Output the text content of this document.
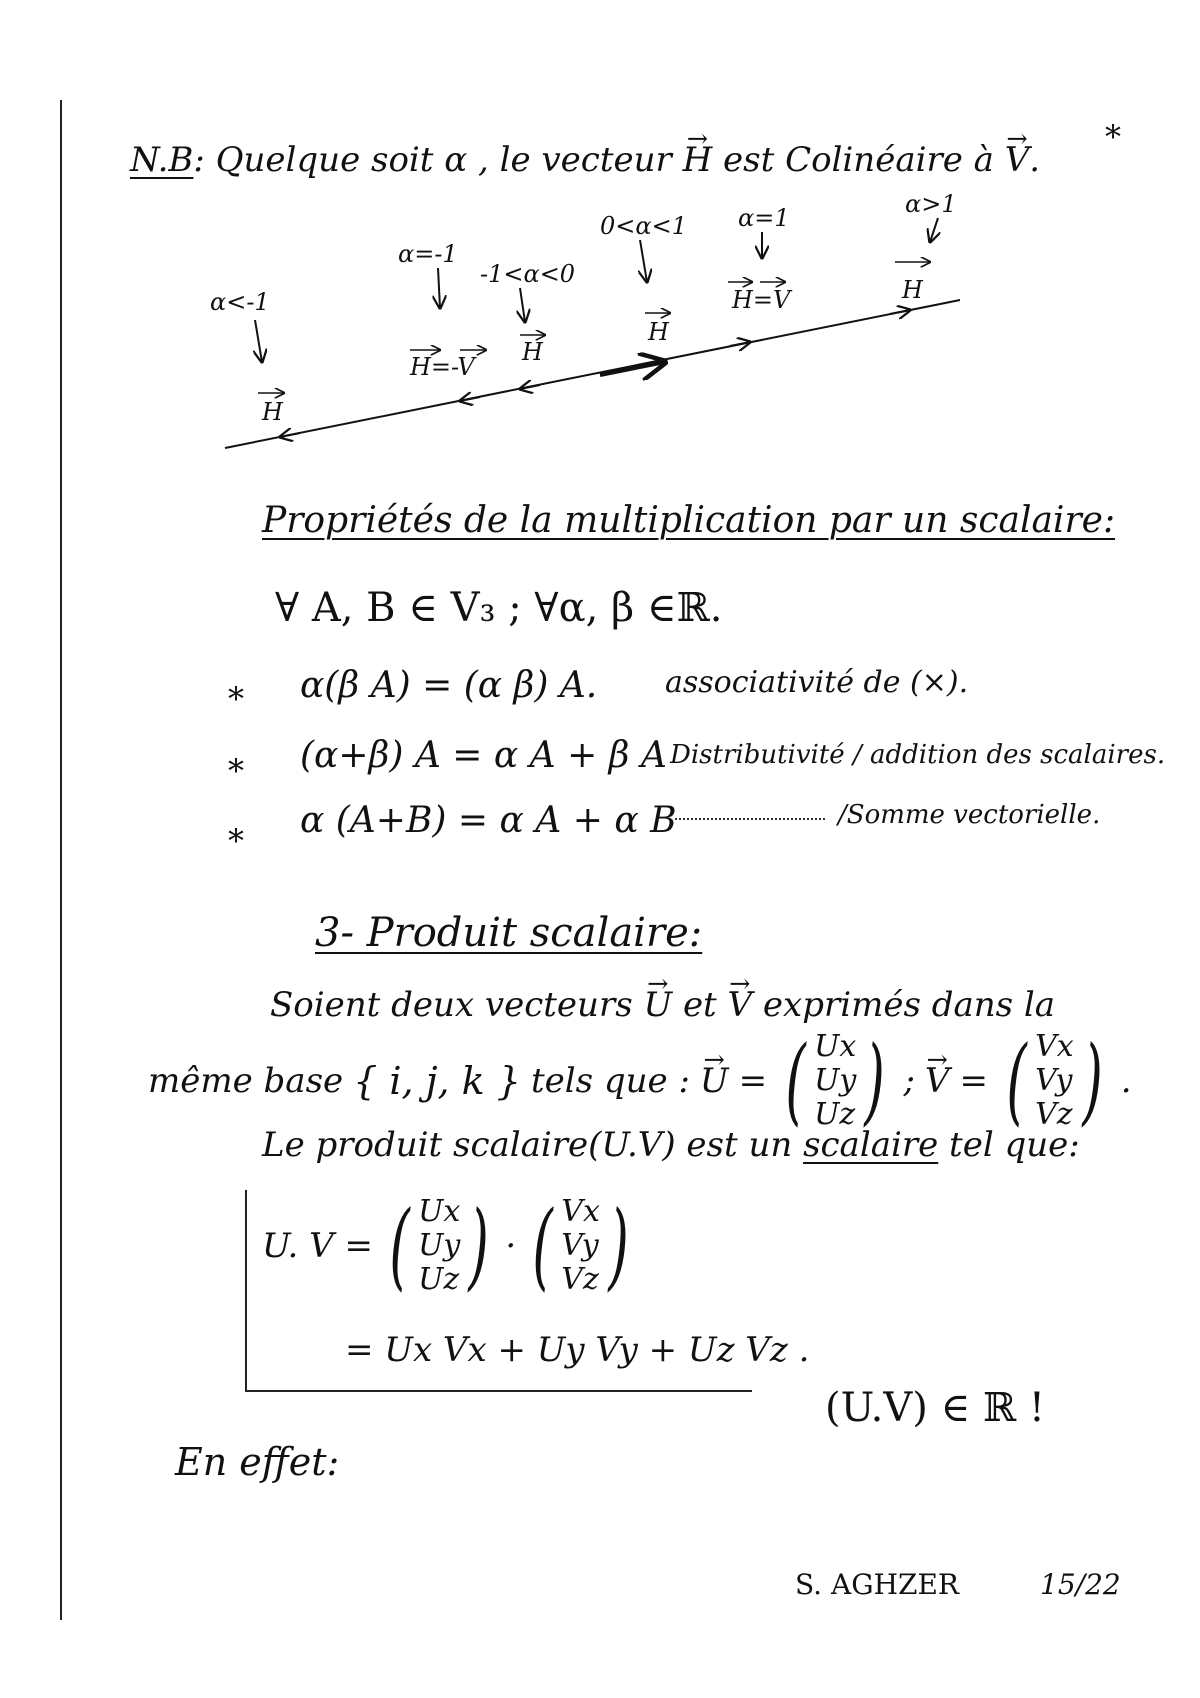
N.B: Quelque soit α , le vecteur → H est Colinéaire à → V.
*
α<-1
α=-1
-1<α<0
0<α<1 α=1	α>1
H
H=-V
H
H
H=V	H
Propriétés de la multiplication par un scalaire:
∀ A, B ∈ V₃ ; ∀α, β ∈ℝ.
* α(β A) = (α β) A. associativité de (×).
* (α+β) A = α A + β A Distributivité / addition des scalaires.
* α (A+B) = α A + α B	/Somme vectorielle.
3- Produit scalaire:
Soient deux vecteurs → U et → V exprimés dans la
même base { i, j, k } tels que : → U = ( Ux
Uy
Uz ) ; → V = ( Vx
Vy
Vz ) .
Le produit scalaire(U.V) est un scalaire tel que:
U. V = ( Ux
Uy
Uz ) · ( Vx
Vy
Vz )
= Ux Vx + Uy Vy + Uz Vz .
(U.V) ∈ ℝ !
En effet:
S. AGHZER	15/22
